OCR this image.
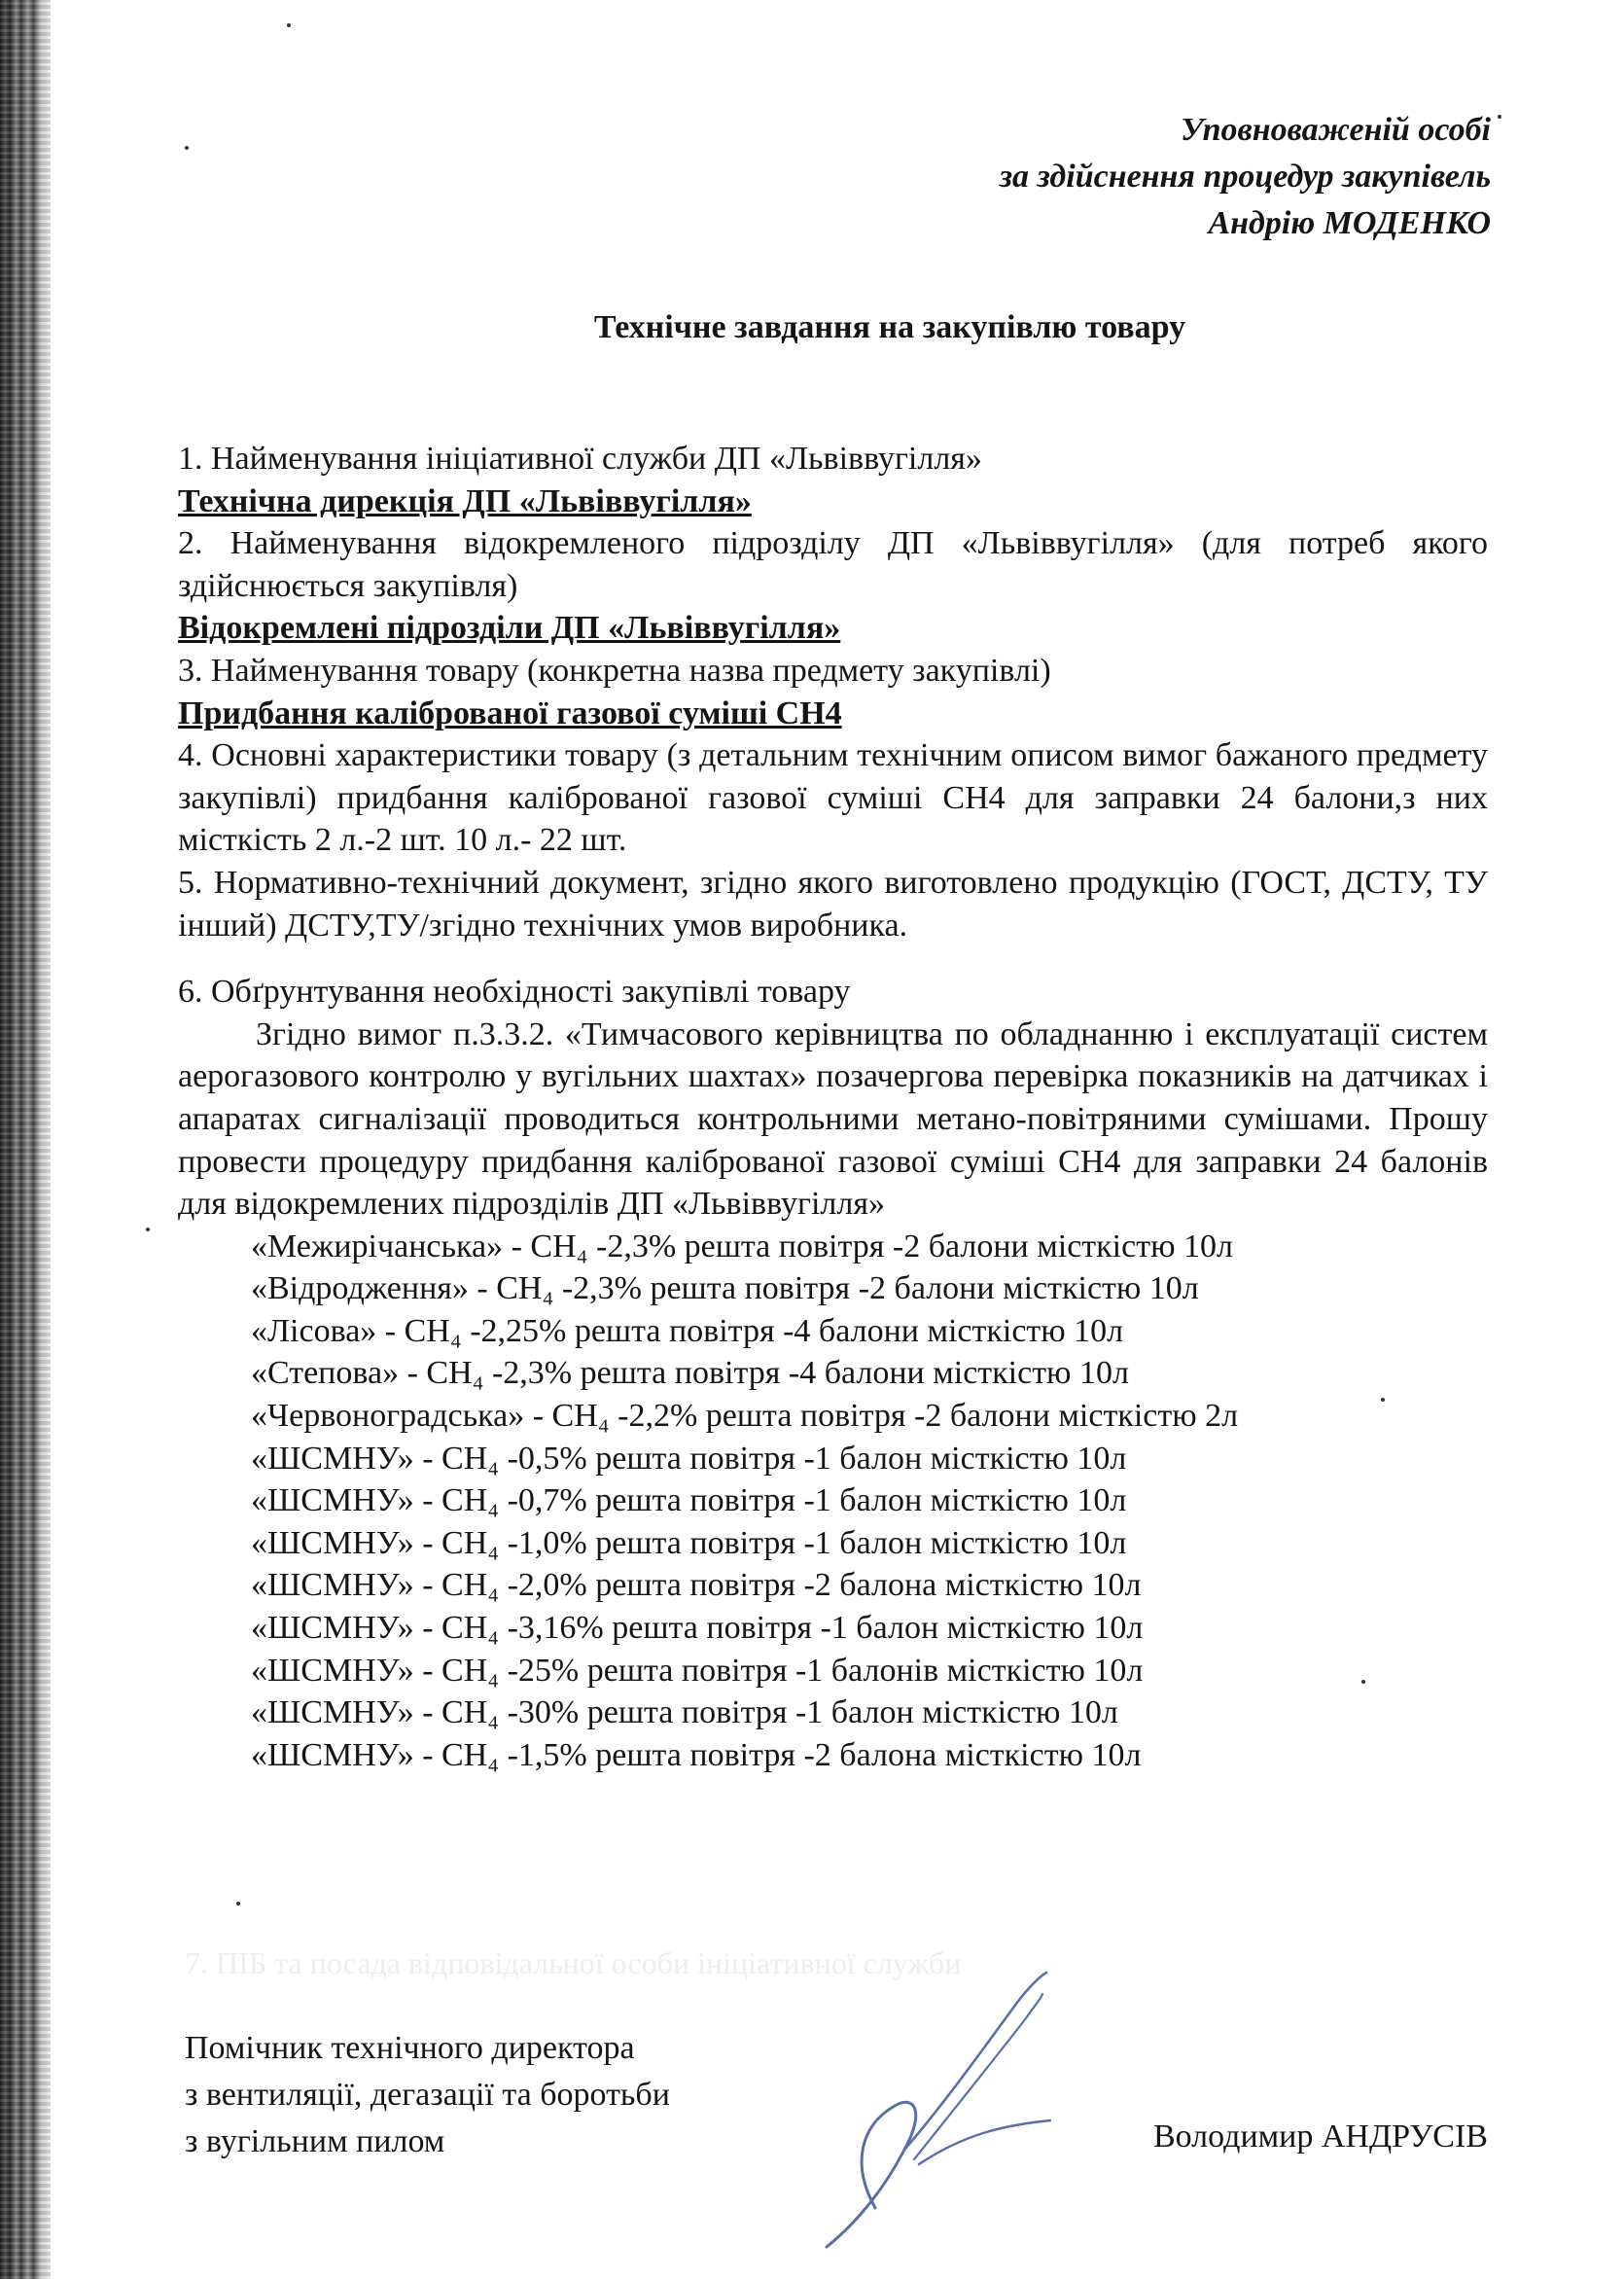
Уповноваженій особі
за здійснення процедур закупівель
Андрію МОДЕНКО
Технічне завдання на закупівлю товару

1. Найменування ініціативної служби ДП «Львіввугілля»

Технічна дирекція ДП «Львіввугілля»

2. Найменування відокремленого підрозділу ДП «Львіввугілля» (для потреб якого здійснюється закупівля)

Відокремлені підрозділи ДП «Львіввугілля»

3. Найменування товару (конкретна назва предмету закупівлі)

Придбання каліброваної газової суміші СН4

4. Основні характеристики товару (з детальним технічним описом вимог бажаного предмету закупівлі) придбання каліброваної газової суміші СН4 для заправки 24 балони,з них місткість 2 л.-2 шт. 10 л.- 22 шт.

5. Нормативно-технічний документ, згідно якого виготовлено продукцію (ГОСТ, ДСТУ, ТУ інший) ДСТУ,ТУ/згідно технічних умов виробника.

6. Обґрунтування необхідності закупівлі товару

Згідно вимог п.3.3.2. «Тимчасового керівництва по обладнанню і експлуатації систем аерогазового контролю у вугільних шахтах» позачергова перевірка показників на датчиках і апаратах сигналізації проводиться контрольними метано-повітряними сумішами. Прошу провести процедуру придбання каліброваної газової суміші СН4 для заправки 24 балонів для відокремлених підрозділів ДП «Львіввугілля»

«Межирічанська» - CH₄ -2,3% решта повітря -2 балони місткістю 10л

«Відродження» - CH₄ -2,3% решта повітря -2 балони місткістю 10л

«Лісова» - CH₄ -2,25% решта повітря -4 балони місткістю 10л

«Степова» - CH₄ -2,3% решта повітря -4 балони місткістю 10л

«Червоноградська» - CH₄ -2,2% решта повітря -2 балони місткістю 2л

«ШСМНУ» - CH₄ -0,5% решта повітря -1 балон місткістю 10л

«ШСМНУ» - CH₄ -0,7% решта повітря -1 балон місткістю 10л

«ШСМНУ» - CH₄ -1,0% решта повітря -1 балон місткістю 10л

«ШСМНУ» - CH₄ -2,0% решта повітря -2 балона місткістю 10л

«ШСМНУ» - CH₄ -3,16% решта повітря -1 балон місткістю 10л

«ШСМНУ» - CH₄ -25% решта повітря -1 балонів місткістю 10л

«ШСМНУ» - CH₄ -30% решта повітря -1 балон місткістю 10л

«ШСМНУ» - CH₄ -1,5% решта повітря -2 балона місткістю 10л

7. ПІБ та посада відповідальної особи ініціативної служби
Помічник технічного директора
з вентиляції, дегазації та боротьби
з вугільним пилом	Володимир АНДРУСІВ
